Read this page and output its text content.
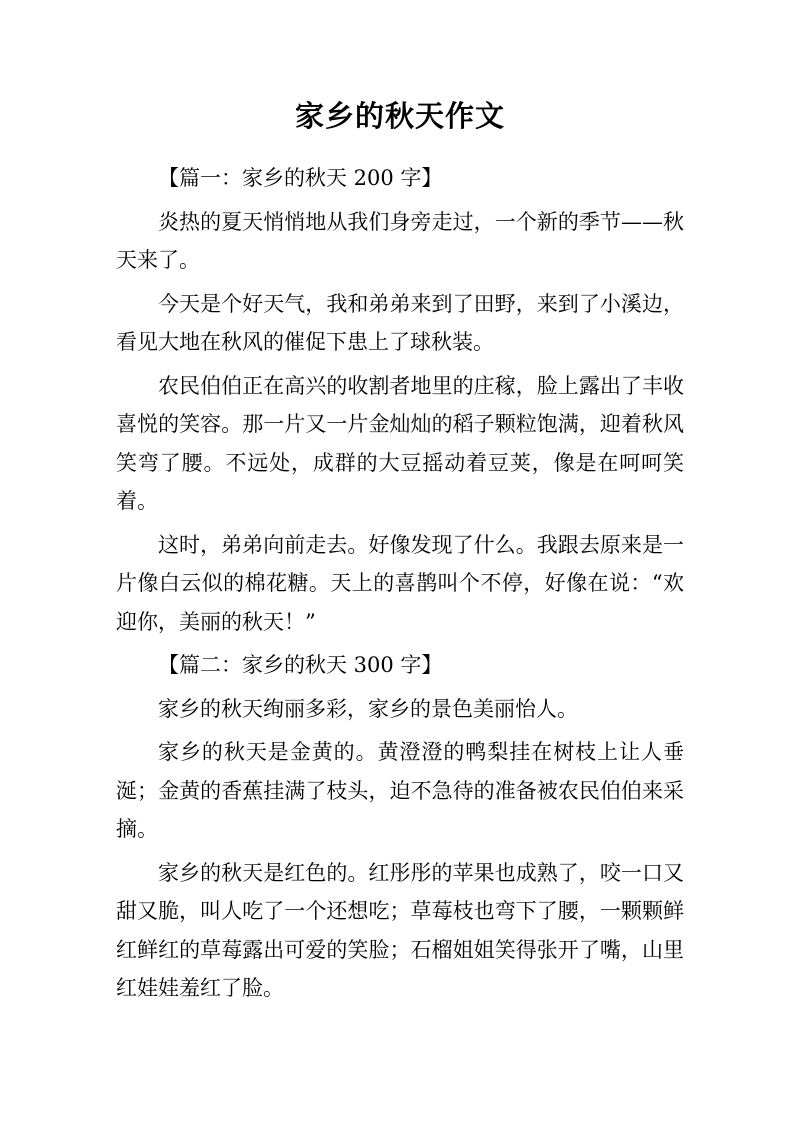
家乡的秋天作文

【篇一：家乡的秋天 200 字】

炎热的夏天悄悄地从我们身旁走过，一个新的季节——秋天来了。

今天是个好天气，我和弟弟来到了田野，来到了小溪边，看见大地在秋风的催促下患上了球秋装。

农民伯伯正在高兴的收割者地里的庄稼，脸上露出了丰收喜悦的笑容。那一片又一片金灿灿的稻子颗粒饱满，迎着秋风笑弯了腰。不远处，成群的大豆摇动着豆荚，像是在呵呵笑着。

这时，弟弟向前走去。好像发现了什么。我跟去原来是一片像白云似的棉花糖。天上的喜鹊叫个不停，好像在说：“欢迎你，美丽的秋天！”

【篇二：家乡的秋天 300 字】

家乡的秋天绚丽多彩，家乡的景色美丽怡人。

家乡的秋天是金黄的。黄澄澄的鸭梨挂在树枝上让人垂涎；金黄的香蕉挂满了枝头，迫不急待的准备被农民伯伯来采摘。

家乡的秋天是红色的。红彤彤的苹果也成熟了，咬一口又甜又脆，叫人吃了一个还想吃；草莓枝也弯下了腰，一颗颗鲜红鲜红的草莓露出可爱的笑脸；石榴姐姐笑得张开了嘴，山里红娃娃羞红了脸。
